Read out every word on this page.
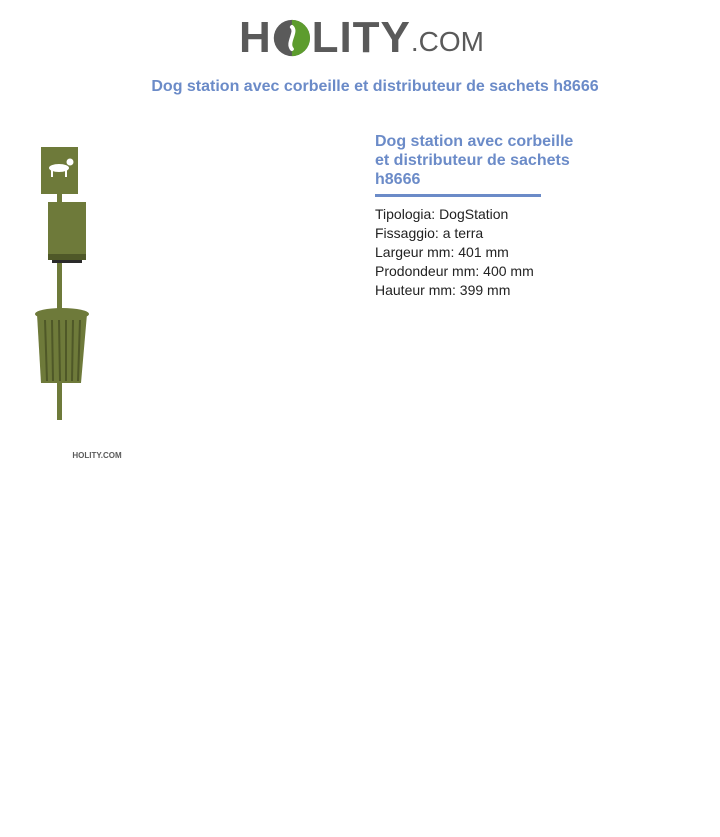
H LITY .COM
Dog station avec corbeille et distributeur de sachets h8666
HOLITY.COM
Dog station avec corbeille et distributeur de sachets h8666
Tipologia: DogStation
Fissaggio: a terra
Largeur mm: 401 mm
Prodondeur mm: 400 mm
Hauteur mm: 399 mm
